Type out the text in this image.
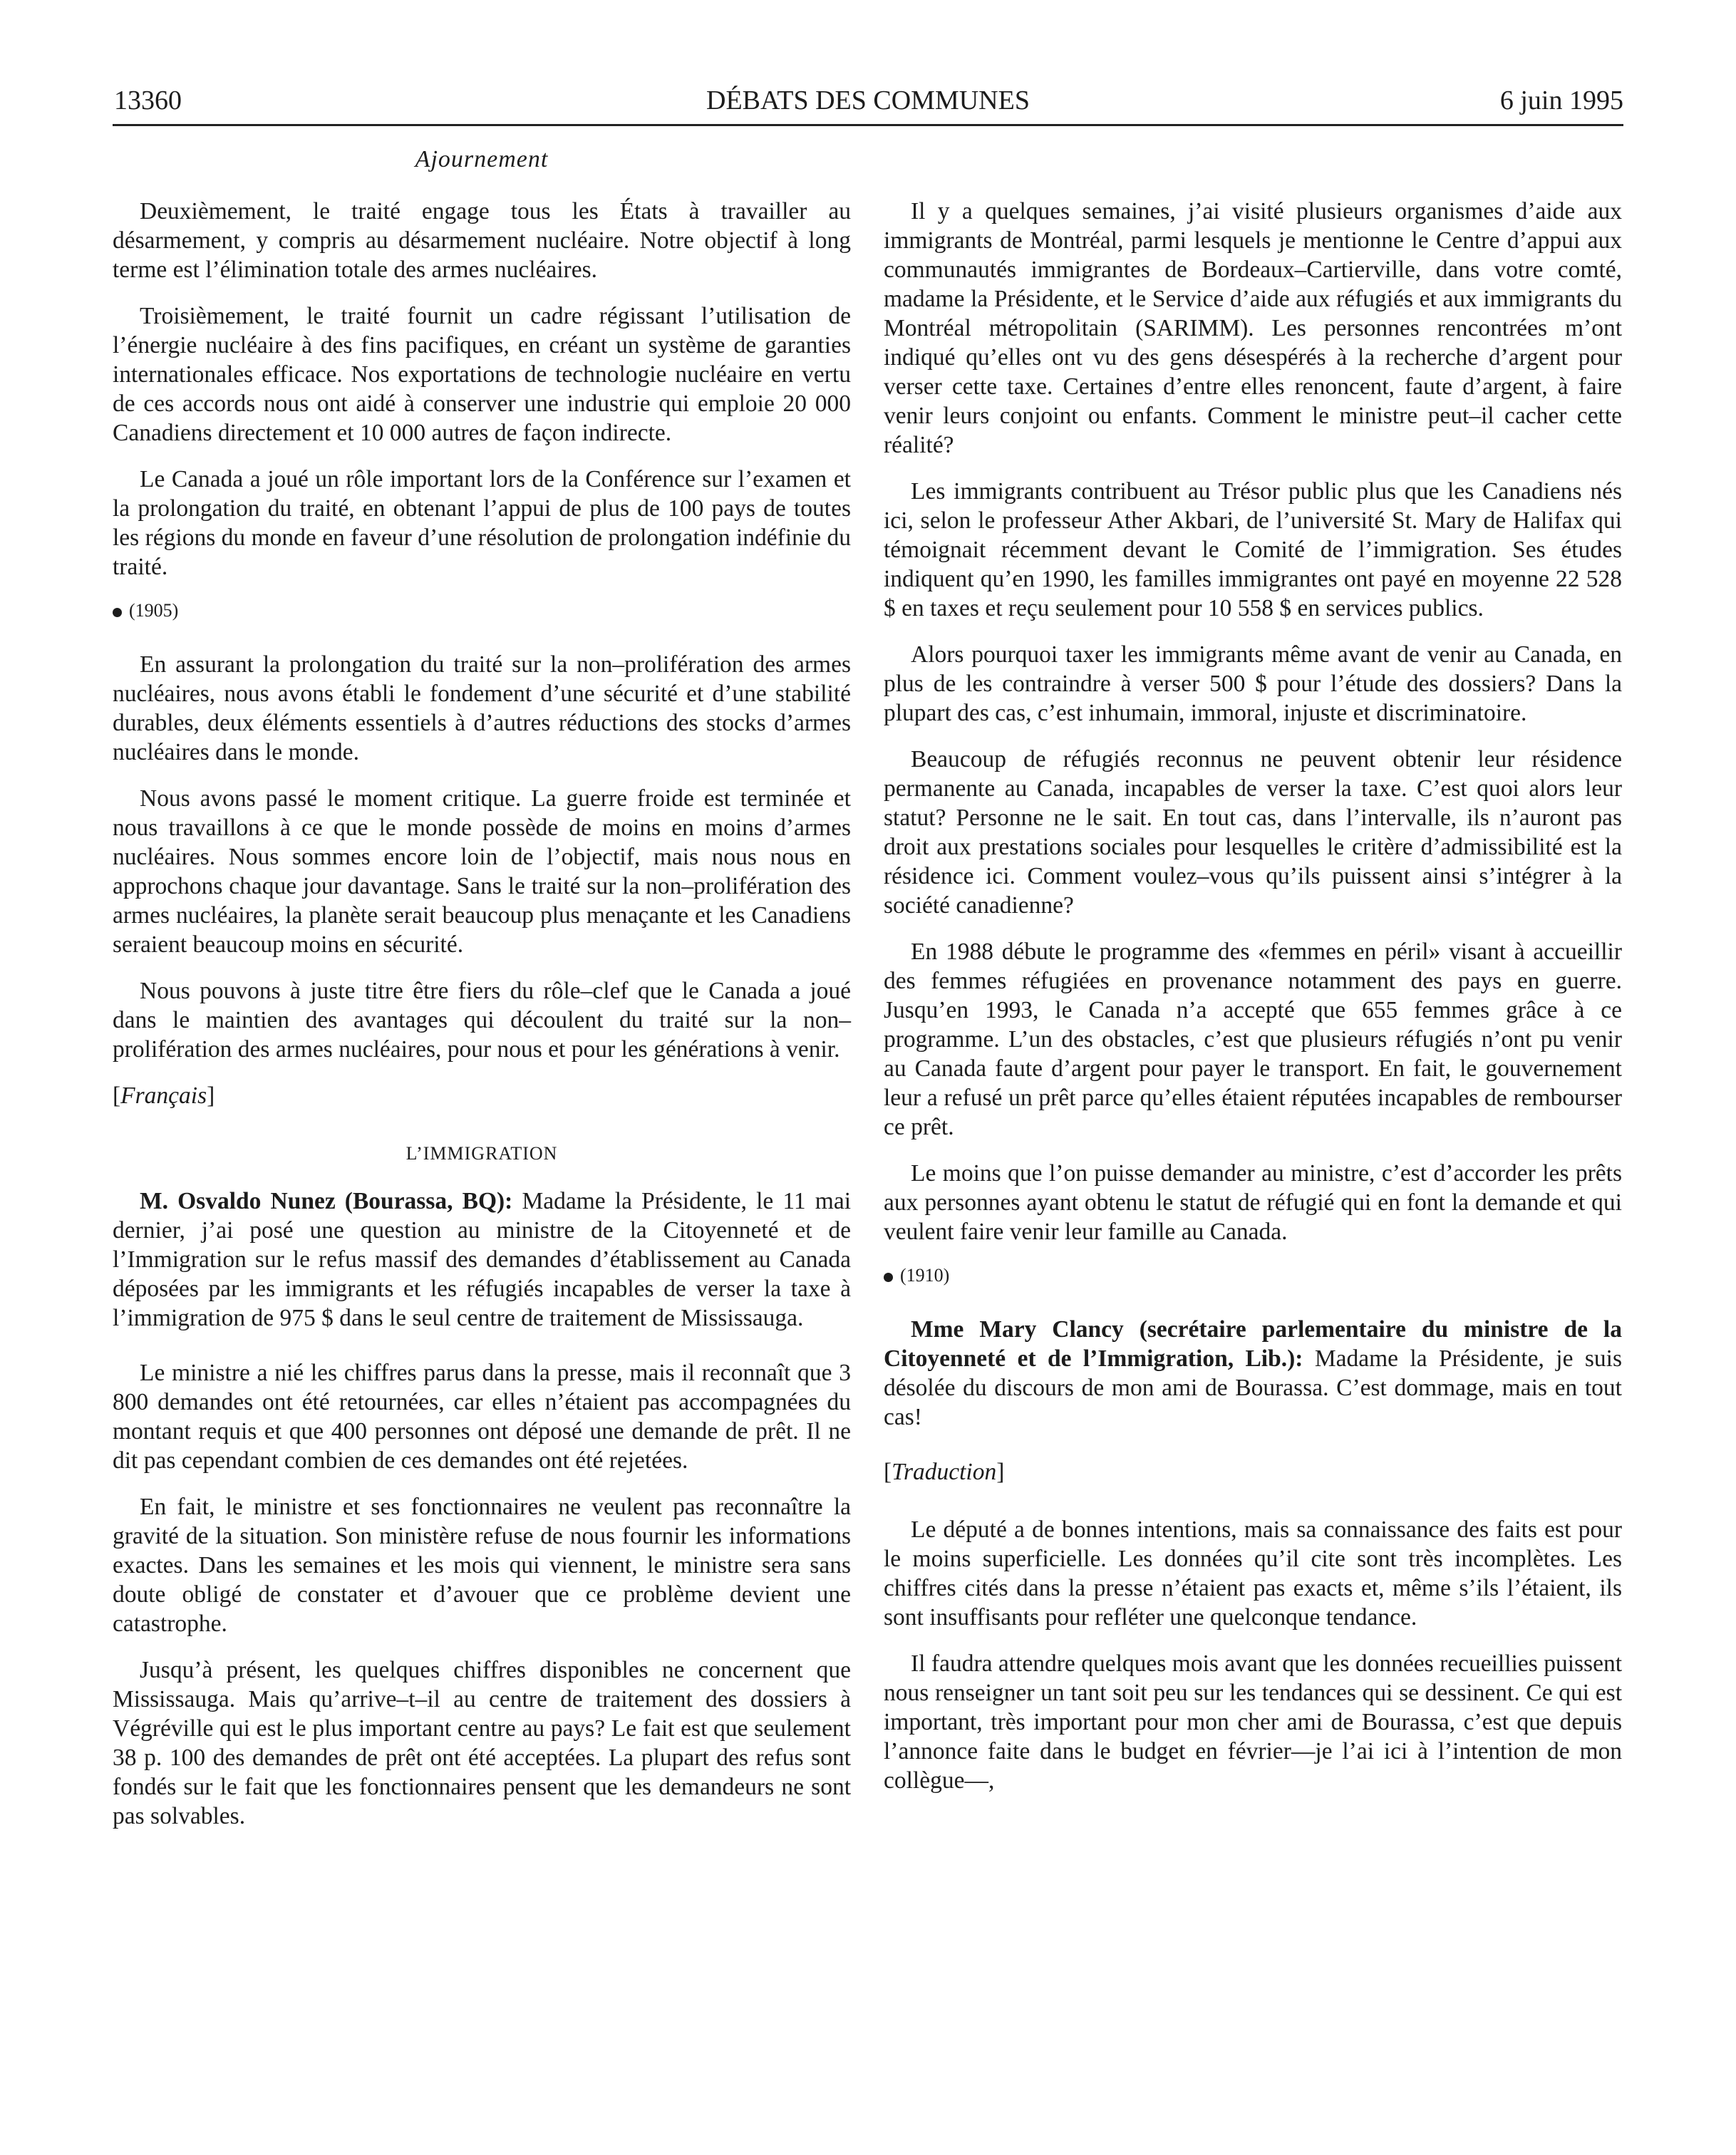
13360	DÉBATS DES COMMUNES	6 juin 1995
Ajournement

Deuxièmement, le traité engage tous les États à travailler au désarmement, y compris au désarmement nucléaire. Notre objectif à long terme est l’élimination totale des armes nucléaires.

Troisièmement, le traité fournit un cadre régissant l’utilisation de l’énergie nucléaire à des fins pacifiques, en créant un système de garanties internationales efficace. Nos exportations de technologie nucléaire en vertu de ces accords nous ont aidé à conserver une industrie qui emploie 20 000 Canadiens directement et 10 000 autres de façon indirecte.

Le Canada a joué un rôle important lors de la Conférence sur l’examen et la prolongation du traité, en obtenant l’appui de plus de 100 pays de toutes les régions du monde en faveur d’une résolution de prolongation indéfinie du traité.

(1905)

En assurant la prolongation du traité sur la non–prolifération des armes nucléaires, nous avons établi le fondement d’une sécurité et d’une stabilité durables, deux éléments essentiels à d’autres réductions des stocks d’armes nucléaires dans le monde.

Nous avons passé le moment critique. La guerre froide est terminée et nous travaillons à ce que le monde possède de moins en moins d’armes nucléaires. Nous sommes encore loin de l’objectif, mais nous nous en approchons chaque jour davantage. Sans le traité sur la non–prolifération des armes nucléaires, la planète serait beaucoup plus menaçante et les Canadiens seraient beaucoup moins en sécurité.

Nous pouvons à juste titre être fiers du rôle–clef que le Canada a joué dans le maintien des avantages qui découlent du traité sur la non–prolifération des armes nucléaires, pour nous et pour les générations à venir.

[Français]
L’IMMIGRATION

M. Osvaldo Nunez (Bourassa, BQ): Madame la Présidente, le 11 mai dernier, j’ai posé une question au ministre de la Citoyenneté et de l’Immigration sur le refus massif des demandes d’établissement au Canada déposées par les immigrants et les réfugiés incapables de verser la taxe à l’immigration de 975 $ dans le seul centre de traitement de Mississauga.

Le ministre a nié les chiffres parus dans la presse, mais il reconnaît que 3 800 demandes ont été retournées, car elles n’étaient pas accompagnées du montant requis et que 400 personnes ont déposé une demande de prêt. Il ne dit pas cependant combien de ces demandes ont été rejetées.

En fait, le ministre et ses fonctionnaires ne veulent pas reconnaître la gravité de la situation. Son ministère refuse de nous fournir les informations exactes. Dans les semaines et les mois qui viennent, le ministre sera sans doute obligé de constater et d’avouer que ce problème devient une catastrophe.

Jusqu’à présent, les quelques chiffres disponibles ne concernent que Mississauga. Mais qu’arrive–t–il au centre de traitement des dossiers à Végréville qui est le plus important centre au pays? Le fait est que seulement 38 p. 100 des demandes de prêt ont été acceptées. La plupart des refus sont fondés sur le fait que les fonctionnaires pensent que les demandeurs ne sont pas solvables.

Il y a quelques semaines, j’ai visité plusieurs organismes d’aide aux immigrants de Montréal, parmi lesquels je mentionne le Centre d’appui aux communautés immigrantes de Bordeaux–Cartierville, dans votre comté, madame la Présidente, et le Service d’aide aux réfugiés et aux immigrants du Montréal métropolitain (SARIMM). Les personnes rencontrées m’ont indiqué qu’elles ont vu des gens désespérés à la recherche d’argent pour verser cette taxe. Certaines d’entre elles renoncent, faute d’argent, à faire venir leurs conjoint ou enfants. Comment le ministre peut–il cacher cette réalité?

Les immigrants contribuent au Trésor public plus que les Canadiens nés ici, selon le professeur Ather Akbari, de l’université St. Mary de Halifax qui témoignait récemment devant le Comité de l’immigration. Ses études indiquent qu’en 1990, les familles immigrantes ont payé en moyenne 22 528 $ en taxes et reçu seulement pour 10 558 $ en services publics.

Alors pourquoi taxer les immigrants même avant de venir au Canada, en plus de les contraindre à verser 500 $ pour l’étude des dossiers? Dans la plupart des cas, c’est inhumain, immoral, injuste et discriminatoire.

Beaucoup de réfugiés reconnus ne peuvent obtenir leur résidence permanente au Canada, incapables de verser la taxe. C’est quoi alors leur statut? Personne ne le sait. En tout cas, dans l’intervalle, ils n’auront pas droit aux prestations sociales pour lesquelles le critère d’admissibilité est la résidence ici. Comment voulez–vous qu’ils puissent ainsi s’intégrer à la société canadienne?

En 1988 débute le programme des «femmes en péril» visant à accueillir des femmes réfugiées en provenance notamment des pays en guerre. Jusqu’en 1993, le Canada n’a accepté que 655 femmes grâce à ce programme. L’un des obstacles, c’est que plusieurs réfugiés n’ont pu venir au Canada faute d’argent pour payer le transport. En fait, le gouvernement leur a refusé un prêt parce qu’elles étaient réputées incapables de rembourser ce prêt.

Le moins que l’on puisse demander au ministre, c’est d’accorder les prêts aux personnes ayant obtenu le statut de réfugié qui en font la demande et qui veulent faire venir leur famille au Canada.

(1910)

Mme Mary Clancy (secrétaire parlementaire du ministre de la Citoyenneté et de l’Immigration, Lib.): Madame la Présidente, je suis désolée du discours de mon ami de Bourassa. C’est dommage, mais en tout cas!

[Traduction]

Le député a de bonnes intentions, mais sa connaissance des faits est pour le moins superficielle. Les données qu’il cite sont très incomplètes. Les chiffres cités dans la presse n’étaient pas exacts et, même s’ils l’étaient, ils sont insuffisants pour refléter une quelconque tendance.

Il faudra attendre quelques mois avant que les données recueillies puissent nous renseigner un tant soit peu sur les tendances qui se dessinent. Ce qui est important, très important pour mon cher ami de Bourassa, c’est que depuis l’annonce faite dans le budget en février—je l’ai ici à l’intention de mon collègue—,
